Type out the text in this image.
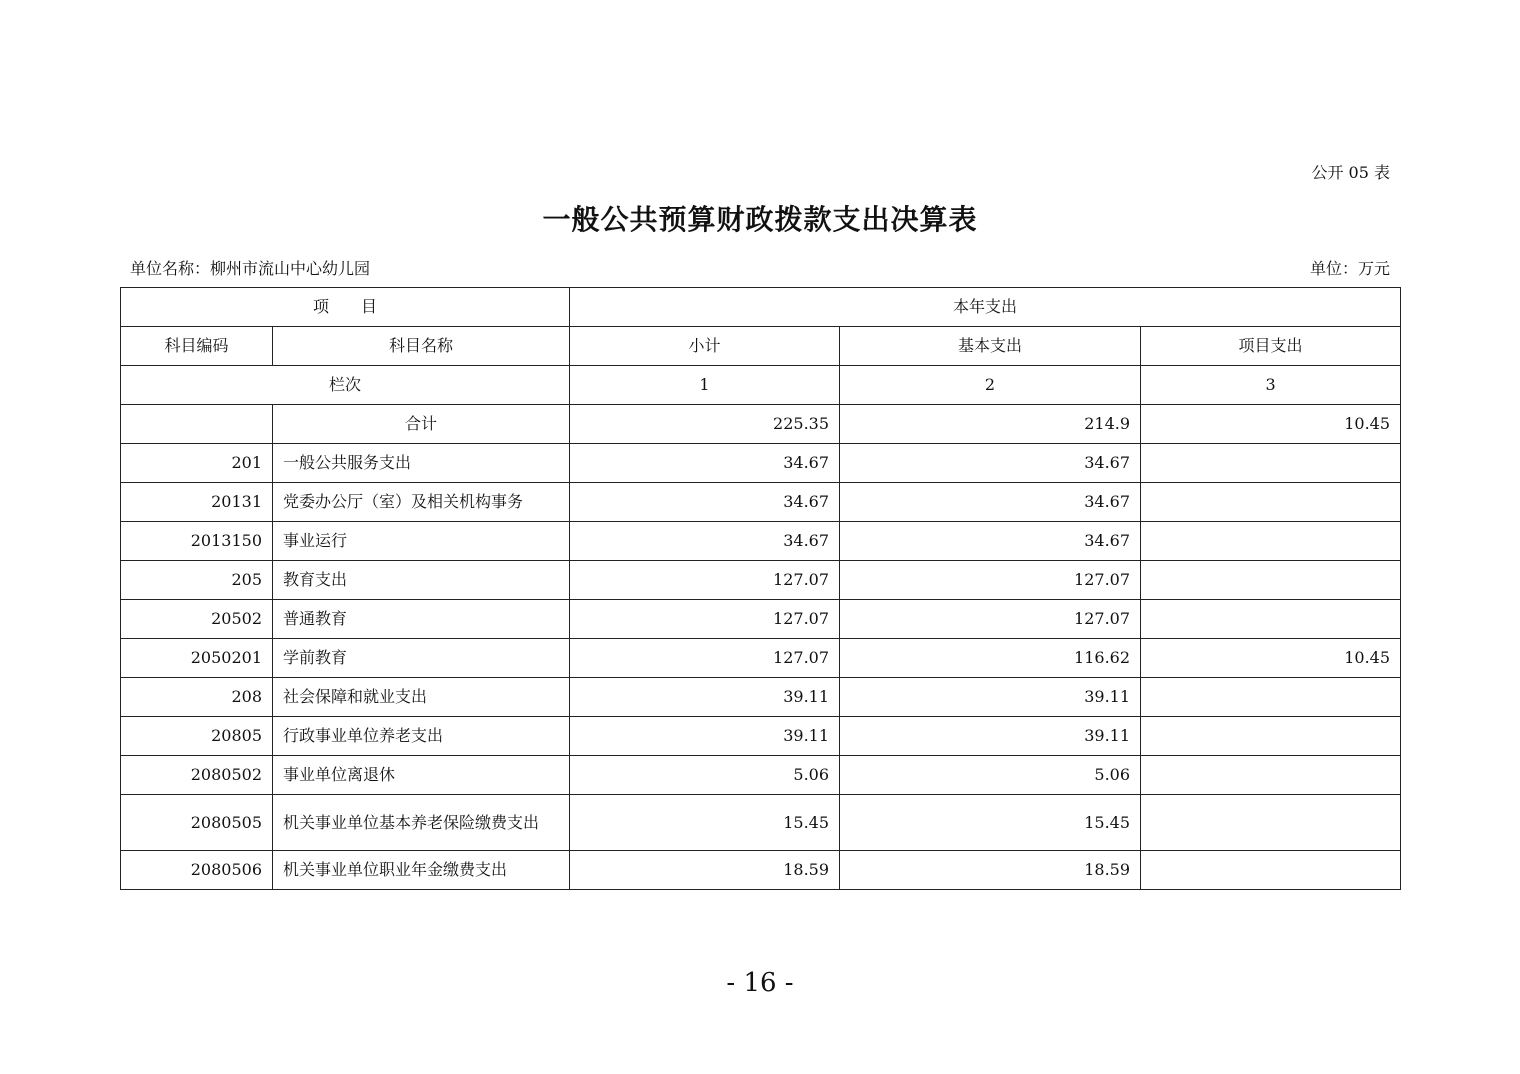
公开 05 表
一般公共预算财政拨款支出决算表
单位名称：柳州市流山中心幼儿园	单位：万元
项　　目		本年支出		
科目编码	科目名称	小计	基本支出	项目支出
栏次		1	2	3
	合计	225.35	214.9	10.45
201	一般公共服务支出	34.67	34.67	
20131	党委办公厅（室）及相关机构事务	34.67	34.67	
2013150	事业运行	34.67	34.67	
205	教育支出	127.07	127.07	
20502	普通教育	127.07	127.07	
2050201	学前教育	127.07	116.62	10.45
208	社会保障和就业支出	39.11	39.11	
20805	行政事业单位养老支出	39.11	39.11	
2080502	事业单位离退休	5.06	5.06	
2080505	机关事业单位基本养老保险缴费支出	15.45	15.45	
2080506	机关事业单位职业年金缴费支出	18.59	18.59	
- 16 -
